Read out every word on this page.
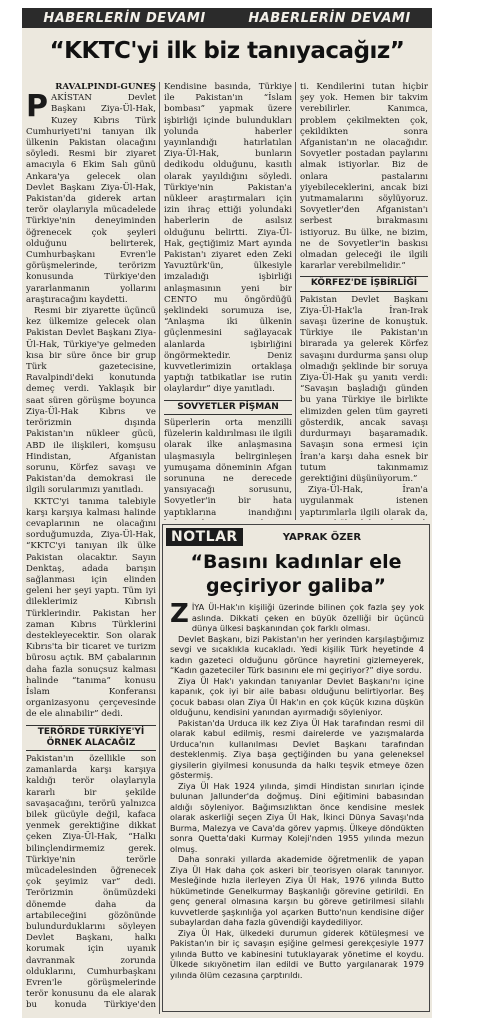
HABERLERİN DEVAMI	HABERLERİN DEVAMI
“KKTC'yi ilk biz tanıyacağız”
RAVALPİNDİ-GÜNEŞ

PAKİSTAN Devlet Başkanı Ziya-Ül-Hak, Kuzey Kıbrıs Türk Cumhuriyeti'ni tanıyan ilk ülkenin Pakistan olacağını söyledi. Resmi bir ziyaret amacıyla 6 Ekim Salı günü Ankara'ya gelecek olan Devlet Başkanı Ziya-Ül-Hak, Pakistan'da giderek artan terör olaylarıyla mücadelede Türkiye'nin deneyiminden öğrenecek çok şeyleri olduğunu belirterek, Cumhurbaşkanı Evren'le görüşmelerinde, terörizm konusunda Türkiye'den yararlanmanın yollarını araştıracağını kaydetti.

Resmi bir ziyarette üçüncü kez ülkemize gelecek olan Pakistan Devlet Başkanı Ziya-Ül-Hak, Türkiye'ye gelmeden kısa bir süre önce bir grup Türk gazetecisine, Ravalpindi'deki konutunda demeç verdi. Yaklaşık bir saat süren görüşme boyunca Ziya-Ül-Hak Kıbrıs ve terörizmin dışında Pakistan'ın nükleer gücü, ABD ile ilişkileri, komşusu Hindistan, Afganistan sorunu, Körfez savaşı ve Pakistan'da demokrasi ile ilgili sorularımızı yanıtladı.

KKTC'yi tanıma talebiyle karşı karşıya kalması halinde cevaplarının ne olacağını sorduğumuzda, Ziya-Ül-Hak, “KKTC'yi tanıyan ilk ülke Pakistan olacaktır. Sayın Denktaş, adada barışın sağlanması için elinden geleni her şeyi yaptı. Tüm iyi dileklerimiz Kıbrıslı Türklerindir. Pakistan her zaman Kıbrıs Türklerini destekleyecektir. Son olarak Kıbrıs'ta bir ticaret ve turizm bürosu açtık. BM çabalarının daha fazla sonuçsuz kalması halinde “tanıma” konusu İslam Konferansı organizasyonu çerçevesinde de ele alınabilir” dedi.

TERÖRDE TÜRKİYE'Yİ ÖRNEK ALACAĞIZ

Pakistan'ın özellikle son zamanlarda karşı karşıya kaldığı terör olaylarıyla kararlı bir şekilde savaşacağını, terörü yalnızca bilek gücüyle değil, kafaca yenmek gerektiğine dikkat çeken Ziya-Ül-Hak, “Halkı bilinçlendirmemiz gerek. Türkiye'nin terörle mücadelesinden öğrenecek çok şeyimiz var” dedi. Terörizmin önümüzdeki dönemde daha da artabileceğini gözönünde bulundurduklarını söyleyen Devlet Başkanı, halkı korumak için uyanık davranmak zorunda olduklarını, Cumhurbaşkanı Evren'le görüşmelerinde terör konusunu da ele alarak bu konuda Türkiye'den

Kendisine basında, Türkiye ile Pakistan'ın “İslam bombası” yapmak üzere işbirliği içinde bulundukları yolunda haberler yayınlandığı hatırlatılan Ziya-Ül-Hak, bunların dedikodu olduğunu, kasıtlı olarak yayıldığını söyledi. Türkiye'nin Pakistan'a nükleer araştırmaları için izin ihraç ettiği yolundaki haberlerin de asılsız olduğunu belirtti. Ziya-Ül-Hak, geçtiğimiz Mart ayında Pakistan'ı ziyaret eden Zeki Yavuztürk'ün, ülkesiyle imzaladığı işbirliği anlaşmasının yeni bir CENTO mu öngördüğü şeklindeki sorumuza ise, “Anlaşma iki ülkenin güçlenmesini sağlayacak alanlarda işbirliğini öngörmektedir. Deniz kuvvetlerimizin ortaklaşa yaptığı tatbikatlar ise rutin olaylardır” diye yanıtladı.

SOVYETLER PİŞMAN

Süperlerin orta menzilli füzelerin kaldırılması ile ilgili olarak ilke anlaşmasına ulaşmasıyla belirginleşen yumuşama döneminin Afgan sorununa ne derecede yansıyacağı sorusunu, Sovyetler'in bir hata yaptıklarına inandığını

ti. Kendilerini tutan hiçbir şey yok. Hemen bir takvim verebilirler. Kanımca, problem çekilmekten çok, çekildikten sonra Afganistan'ın ne olacağıdır. Sovyetler postadan paylarını almak istiyorlar. Biz de onlara pastalarını yiyebileceklerini, ancak bizi yutmamalarını söylüyoruz. Sovyetler'den Afganistan'ı serbest bırakmasını istiyoruz. Bu ülke, ne bizim, ne de Sovyetler'in baskısı olmadan geleceği ile ilgili kararlar verebilmelidir.”

KÖRFEZ'DE İŞBİRLİĞİ

Pakistan Devlet Başkanı Ziya-Ül-Hak'la İran-Irak savaşı üzerine de konuştuk. Türkiye ile Pakistan'ın birarada ya gelerek Körfez savaşını durdurma şansı olup olmadığı şeklinde bir soruya Ziya-Ül-Hak şu yanıtı verdi: “Savaşın başladığı günden bu yana Türkiye ile birlikte elimizden gelen tüm gayreti gösterdik, ancak savaşı durdurmayı başaramadık. Savaşın sona ermesi için İran'a karşı daha esnek bir tutum takınmamız gerektiğini düşünüyorum.”

Ziya-Ül-Hak, İran'a uygulanmak istenen yaptırımlarla ilgili olarak da,

NOTLAR	YAPRAK ÖZER
“Basını kadınlar ele geçiriyor galiba”

ZİYA Ül-Hak'ın kişiliği üzerinde bilinen çok fazla şey yok aslında. Dikkati çeken en büyük özelliği bir üçüncü dünya ülkesi başkanından çok farklı olması.

Devlet Başkanı, bizi Pakistan'ın her yerinden karşılaştığımız sevgi ve sıcaklıkla kucakladı. Yedi kişilik Türk heyetinde 4 kadın gazeteci olduğunu görünce hayretini gizlemeyerek, “Kadın gazeteciler Türk basınını ele mi geçiriyor?” diye sordu.

Ziya Ül Hak'ı yakından tanıyanlar Devlet Başkanı'nı içine kapanık, çok iyi bir aile babası olduğunu belirtiyorlar. Beş çocuk babası olan Ziya Ül Hak'ın en çok küçük kızına düşkün olduğunu, kendisini yanından ayırmadığı söyleniyor.

Pakistan'da Urduca ilk kez Ziya Ül Hak tarafından resmi dil olarak kabul edilmiş, resmi dairelerde ve yazışmalarda Urduca'nın kullanılması Devlet Başkanı tarafından desteklenmiş. Ziya başa geçtiğinden bu yana geleneksel giysilerin giyilmesi konusunda da halkı teşvik etmeye özen göstermiş.

Ziya Ül Hak 1924 yılında, şimdi Hindistan sınırları içinde bulunan Jallunder'da doğmuş. Dini eğitimini babasından aldığı söyleniyor. Bağımsızlıktan önce kendisine meslek olarak askerliği seçen Ziya Ül Hak, İkinci Dünya Savaşı'nda Burma, Malezya ve Cava'da görev yapmış. Ülkeye döndükten sonra Quetta'daki Kurmay Koleji'nden 1955 yılında mezun olmuş.

Daha sonraki yıllarda akademide öğretmenlik de yapan Ziya Ül Hak daha çok askeri bir teorisyen olarak tanınıyor. Mesleğinde hızla ilerleyen Ziya Ül Hak, 1976 yılında Butto hükümetinde Genelkurmay Başkanlığı görevine getirildi. En genç general olmasına karşın bu göreve getirilmesi silahlı kuvvetlerde şaşkınlığa yol açarken Butto'nun kendisine diğer subaylardan daha fazla güvendiği kaydediliyor.

Ziya Ül Hak, ülkedeki durumun giderek kötüleşmesi ve Pakistan'ın bir iç savaşın eşiğine gelmesi gerekçesiyle 1977 yılında Butto ve kabinesini tutuklayarak yönetime el koydu. Ülkede sıkıyönetim ilan edildi ve Butto yargılanarak 1979 yılında ölüm cezasına çarptırıldı.
